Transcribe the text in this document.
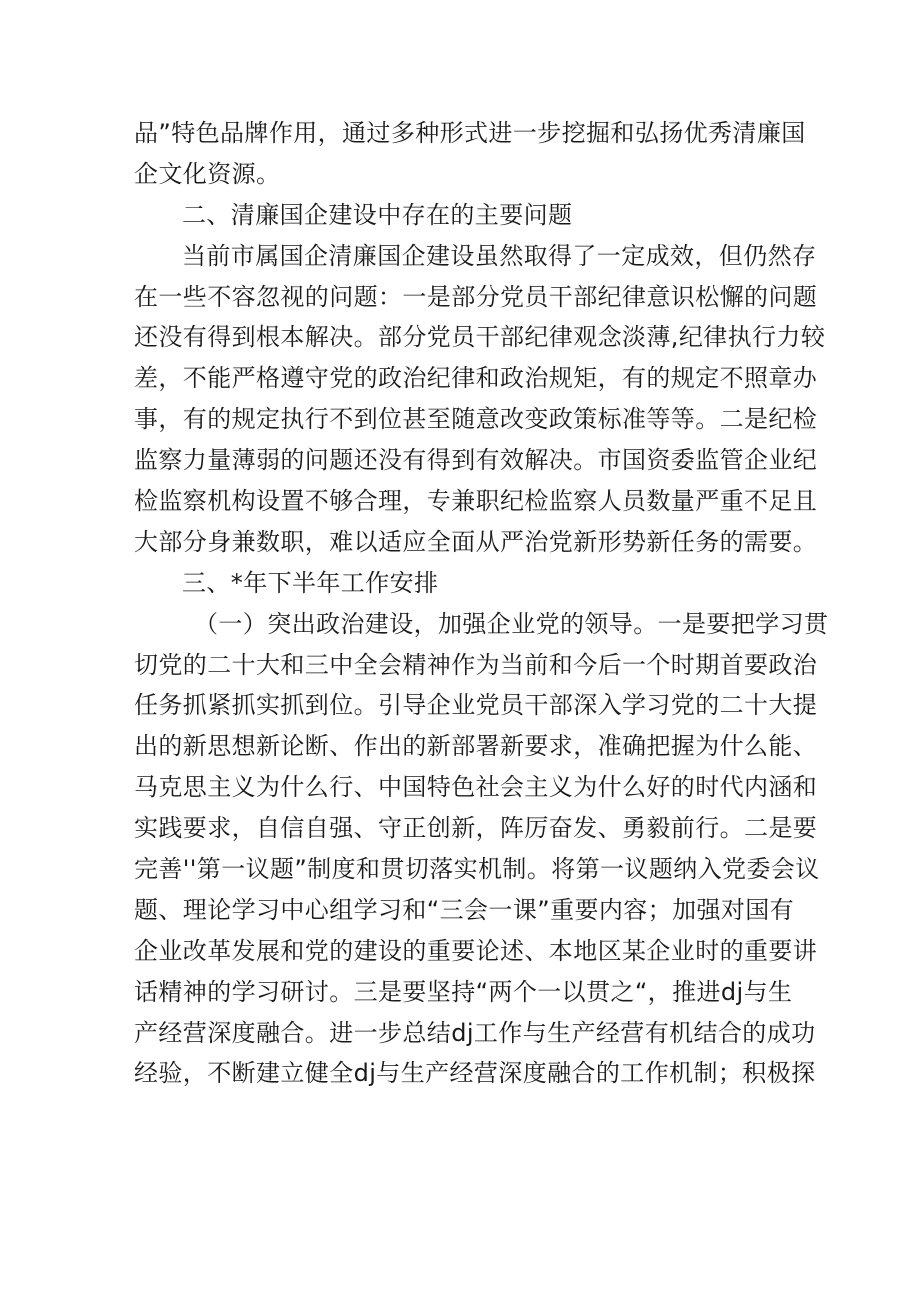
品”特色品牌作用，通过多种形式进一步挖掘和弘扬优秀清廉国
企文化资源。
二、清廉国企建设中存在的主要问题
当前市属国企清廉国企建设虽然取得了一定成效，但仍然存
在一些不容忽视的问题：一是部分党员干部纪律意识松懈的问题
还没有得到根本解决。部分党员干部纪律观念淡薄,纪律执行力较
差，不能严格遵守党的政治纪律和政治规矩，有的规定不照章办
事，有的规定执行不到位甚至随意改变政策标准等等。二是纪检
监察力量薄弱的问题还没有得到有效解决。市国资委监管企业纪
检监察机构设置不够合理，专兼职纪检监察人员数量严重不足且
大部分身兼数职，难以适应全面从严治党新形势新任务的需要。
三、*年下半年工作安排
（一）突出政治建设，加强企业党的领导。一是要把学习贯
切党的二十大和三中全会精神作为当前和今后一个时期首要政治
任务抓紧抓实抓到位。引导企业党员干部深入学习党的二十大提
出的新思想新论断、作出的新部署新要求，准确把握为什么能、
马克思主义为什么行、中国特色社会主义为什么好的时代内涵和
实践要求，自信自强、守正创新，阵厉奋发、勇毅前行。二是要
完善''第一议题”制度和贯切落实机制。将第一议题纳入党委会议
题、理论学习中心组学习和“三会一课”重要内容；加强对国有
企业改革发展和党的建设的重要论述、本地区某企业时的重要讲
话精神的学习研讨。三是要坚持“两个一以贯之“，推进dj与生
产经营深度融合。进一步总结dj工作与生产经营有机结合的成功
经验，不断建立健全dj与生产经营深度融合的工作机制；积极探
